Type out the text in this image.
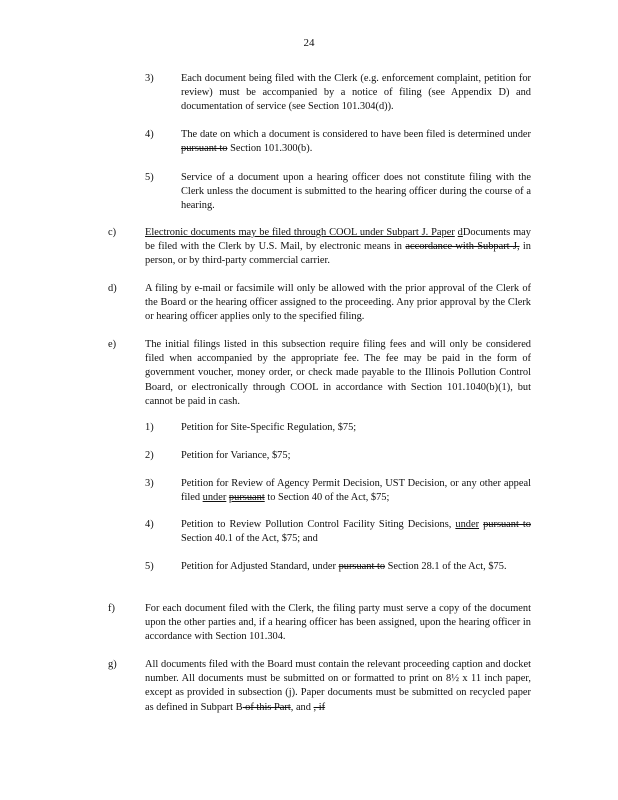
24
3)	Each document being filed with the Clerk (e.g. enforcement complaint, petition for review) must be accompanied by a notice of filing (see Appendix D) and documentation of service (see Section 101.304(d)).
4)	The date on which a document is considered to have been filed is determined under pursuant to Section 101.300(b).
5)	Service of a document upon a hearing officer does not constitute filing with the Clerk unless the document is submitted to the hearing officer during the course of a hearing.
c)	Electronic documents may be filed through COOL under Subpart J. Paper dDocuments may be filed with the Clerk by U.S. Mail, by electronic means in accordance with Subpart J, in person, or by third-party commercial carrier.
d)	A filing by e-mail or facsimile will only be allowed with the prior approval of the Clerk of the Board or the hearing officer assigned to the proceeding. Any prior approval by the Clerk or hearing officer applies only to the specified filing.
e)	The initial filings listed in this subsection require filing fees and will only be considered filed when accompanied by the appropriate fee. The fee may be paid in the form of government voucher, money order, or check made payable to the Illinois Pollution Control Board, or electronically through COOL in accordance with Section 101.1040(b)(1), but cannot be paid in cash.
1)	Petition for Site-Specific Regulation, $75;
2)	Petition for Variance, $75;
3)	Petition for Review of Agency Permit Decision, UST Decision, or any other appeal filed under pursuant to Section 40 of the Act, $75;
4)	Petition to Review Pollution Control Facility Siting Decisions, under pursuant to Section 40.1 of the Act, $75; and
5)	Petition for Adjusted Standard, under pursuant to Section 28.1 of the Act, $75.
f)	For each document filed with the Clerk, the filing party must serve a copy of the document upon the other parties and, if a hearing officer has been assigned, upon the hearing officer in accordance with Section 101.304.
g)	All documents filed with the Board must contain the relevant proceeding caption and docket number. All documents must be submitted on or formatted to print on 8½ x 11 inch paper, except as provided in subsection (j). Paper documents must be submitted on recycled paper as defined in Subpart B of this Part, and , if
